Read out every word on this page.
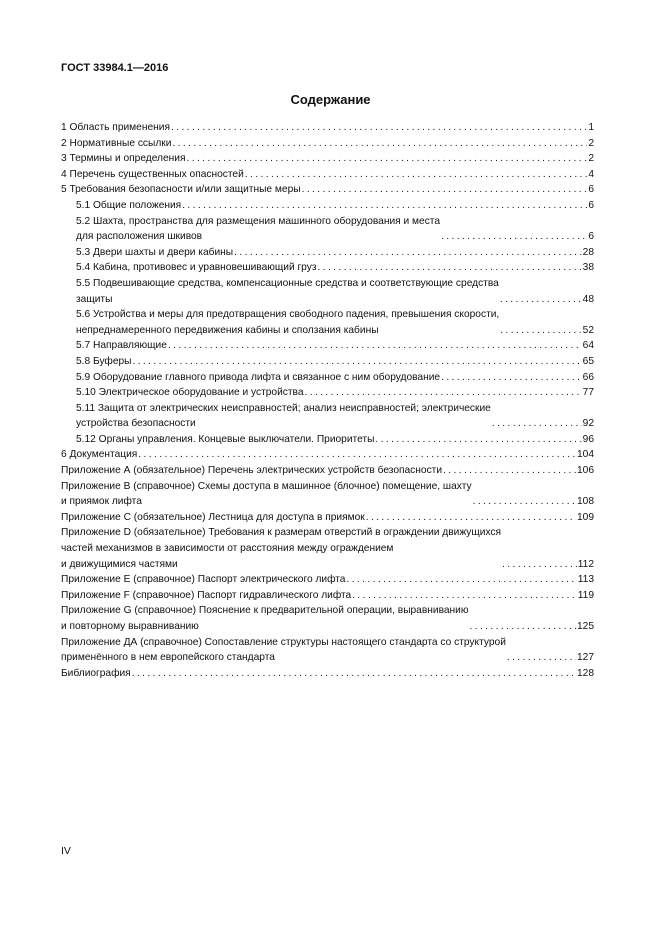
ГОСТ 33984.1—2016
Содержание
1 Область применения .....	1
2 Нормативные ссылки .....	2
3 Термины и определения .....	2
4 Перечень существенных опасностей .....	4
5 Требования безопасности и/или защитные меры .....	6
5.1 Общие положения .....	6
5.2 Шахта, пространства для размещения машинного оборудования и места
для расположения шкивов .....	6
5.3 Двери шахты и двери кабины .....	28
5.4 Кабина, противовес и уравновешивающий груз .....	38
5.5 Подвешивающие средства, компенсационные средства и соответствующие средства
защиты .....	48
5.6 Устройства и меры для предотвращения свободного падения, превышения скорости,
непреднамеренного передвижения кабины и сползания кабины .....	52
5.7 Направляющие .....	64
5.8 Буферы .....	65
5.9 Оборудование главного привода лифта и связанное с ним оборудование .....	66
5.10 Электрическое оборудование и устройства .....	77
5.11 Защита от электрических неисправностей; анализ неисправностей; электрические
устройства безопасности .....	92
5.12 Органы управления. Концевые выключатели. Приоритеты .....	96
6 Документация .....	104
Приложение А (обязательное) Перечень электрических устройств безопасности .....	106
Приложение В (справочное) Схемы доступа в машинное (блочное) помещение, шахту
и приямок лифта .....	108
Приложение С (обязательное) Лестница для доступа в приямок .....	109
Приложение D (обязательное) Требования к размерам отверстий в ограждении движущихся
частей механизмов в зависимости от расстояния между ограждением
и движущимися частями .....	112
Приложение Е (справочное) Паспорт электрического лифта .....	113
Приложение F (справочное) Паспорт гидравлического лифта .....	119
Приложение G (справочное) Пояснение к предварительной операции, выравниванию
и повторному выравниванию .....	125
Приложение ДА (справочное) Сопоставление структуры настоящего стандарта со структурой
применённого в нем европейского стандарта .....	127
Библиография .....	128
IV
